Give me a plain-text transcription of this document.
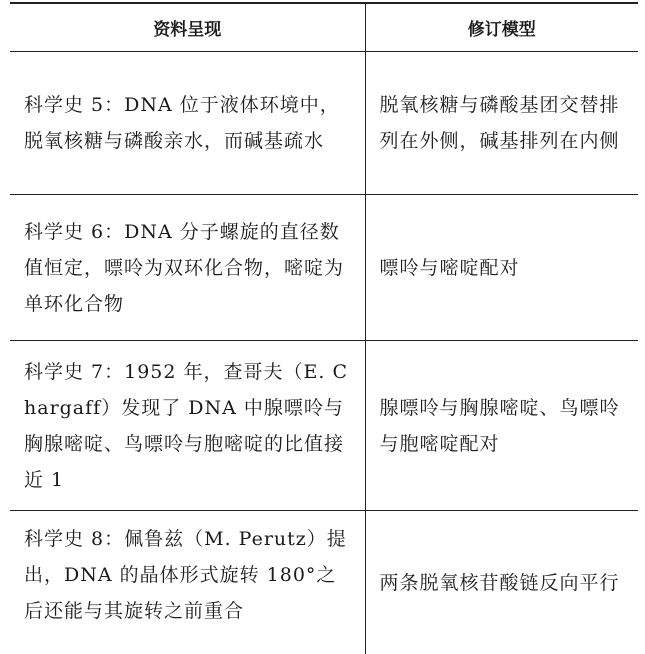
资料呈现	修订模型
科学史 5：DNA 位于液体环境中，脱氧核糖与磷酸亲水，而碱基疏水	脱氧核糖与磷酸基团交替排列在外侧，碱基排列在内侧
科学史 6：DNA 分子螺旋的直径数值恒定，嘌呤为双环化合物，嘧啶为单环化合物	嘌呤与嘧啶配对
科学史 7：1952 年，查哥夫（E. Chargaff）发现了 DNA 中腺嘌呤与胸腺嘧啶、鸟嘌呤与胞嘧啶的比值接近 1	腺嘌呤与胸腺嘧啶、鸟嘌呤与胞嘧啶配对
科学史 8：佩鲁兹（M. Perutz）提出，DNA 的晶体形式旋转 180°之后还能与其旋转之前重合	两条脱氧核苷酸链反向平行
